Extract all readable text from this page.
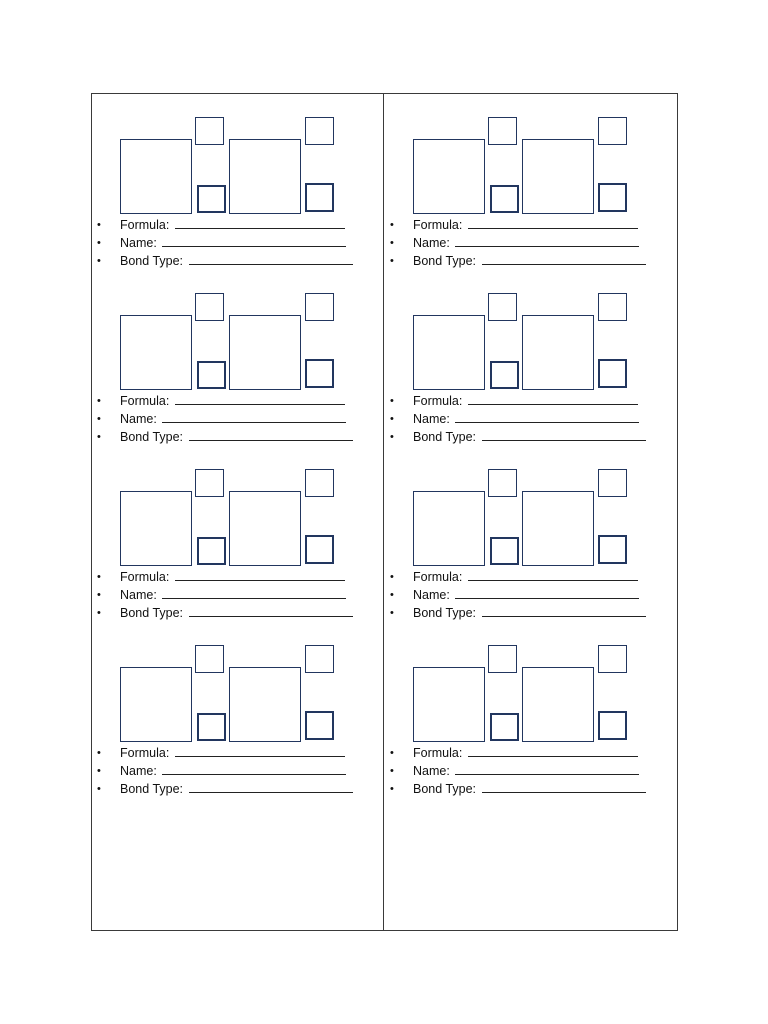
• Formula:
• Name:
• Bond Type:
• Formula:
• Name:
• Bond Type:
• Formula:
• Name:
• Bond Type:
• Formula:
• Name:
• Bond Type:
• Formula:
• Name:
• Bond Type:
• Formula:
• Name:
• Bond Type:
• Formula:
• Name:
• Bond Type:
• Formula:
• Name:
• Bond Type:
